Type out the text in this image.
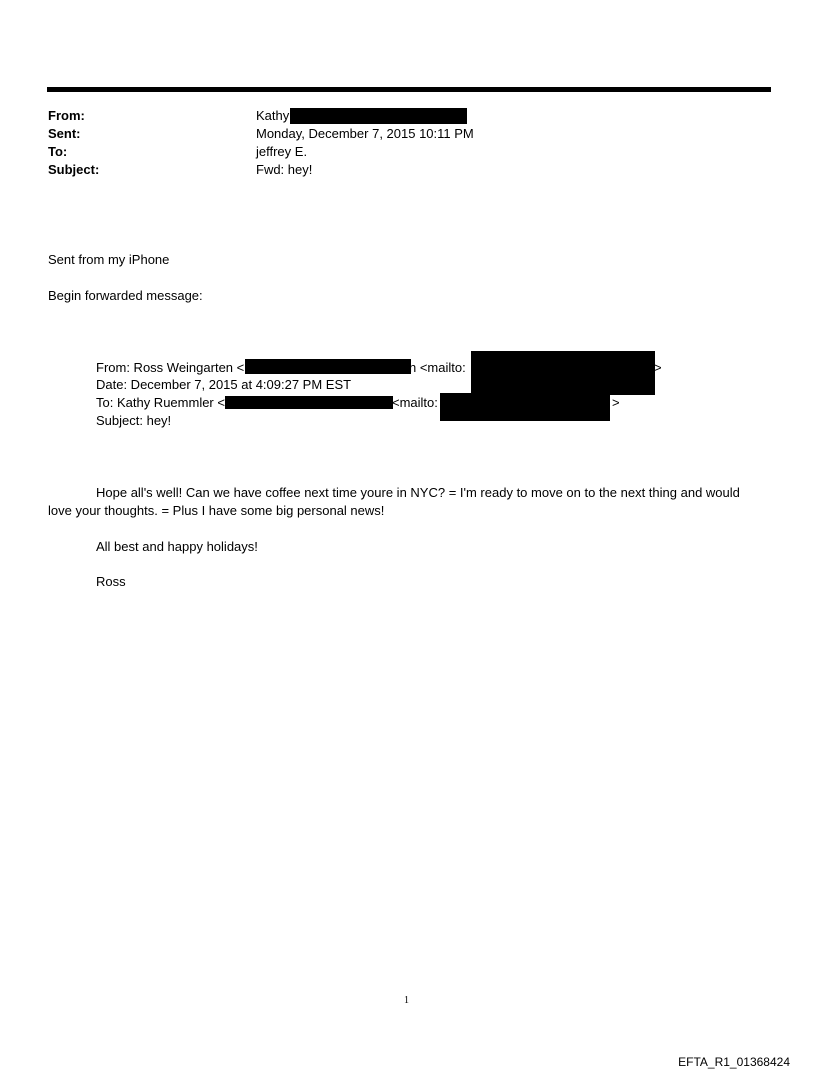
From:	Kathy
Sent:	Monday, December 7, 2015 10:11 PM
To:	jeffrey E.
Subject:	Fwd: hey!
Sent from my iPhone
Begin forwarded message:
From: Ross Weingarten <	n <mailto:	>
Date: December 7, 2015 at 4:09:27 PM EST
To: Kathy Ruemmler <	<mailto:	>
Subject: hey!
Hope all's well! Can we have coffee next time youre in NYC? = I'm ready to move on to the next thing and would
love your thoughts. = Plus I have some big personal news!
All best and happy holidays!
Ross
1
EFTA_R1_01368424
